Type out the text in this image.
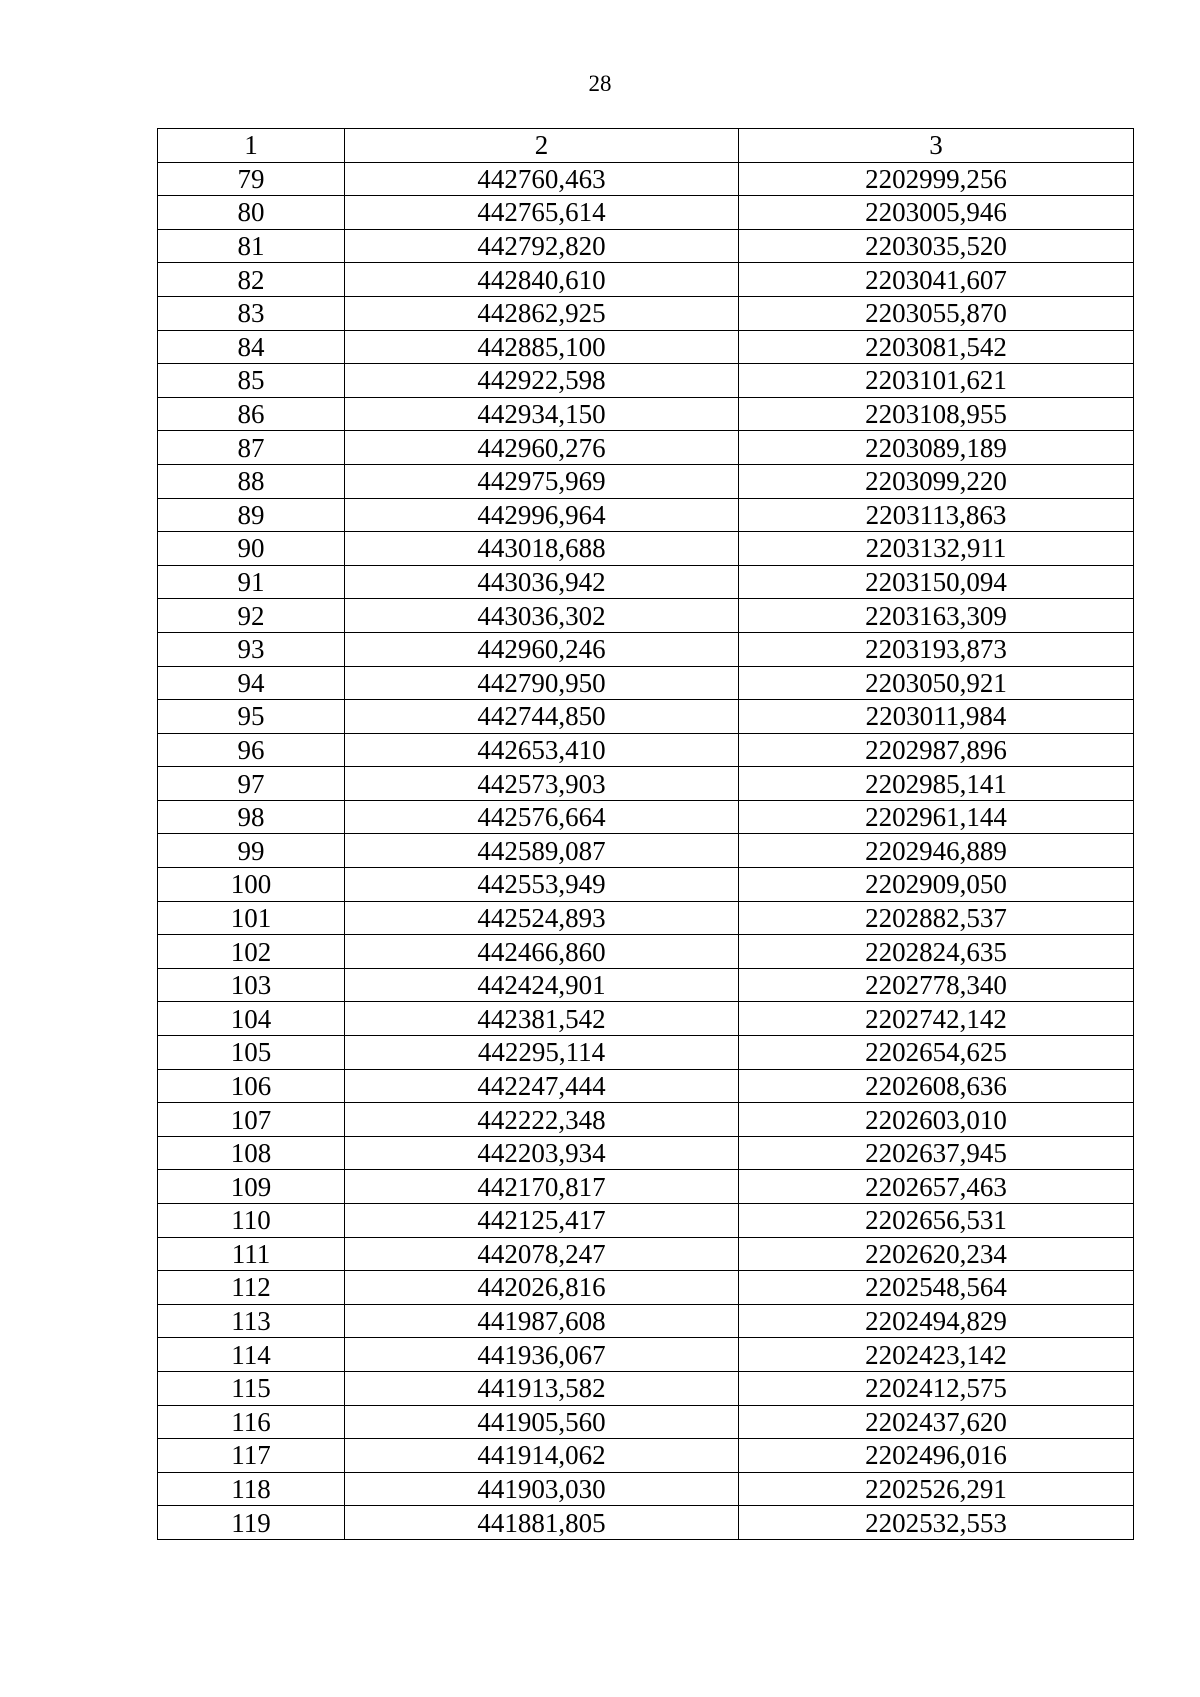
28
1	2	3
79	442760,463	2202999,256
80	442765,614	2203005,946
81	442792,820	2203035,520
82	442840,610	2203041,607
83	442862,925	2203055,870
84	442885,100	2203081,542
85	442922,598	2203101,621
86	442934,150	2203108,955
87	442960,276	2203089,189
88	442975,969	2203099,220
89	442996,964	2203113,863
90	443018,688	2203132,911
91	443036,942	2203150,094
92	443036,302	2203163,309
93	442960,246	2203193,873
94	442790,950	2203050,921
95	442744,850	2203011,984
96	442653,410	2202987,896
97	442573,903	2202985,141
98	442576,664	2202961,144
99	442589,087	2202946,889
100	442553,949	2202909,050
101	442524,893	2202882,537
102	442466,860	2202824,635
103	442424,901	2202778,340
104	442381,542	2202742,142
105	442295,114	2202654,625
106	442247,444	2202608,636
107	442222,348	2202603,010
108	442203,934	2202637,945
109	442170,817	2202657,463
110	442125,417	2202656,531
111	442078,247	2202620,234
112	442026,816	2202548,564
113	441987,608	2202494,829
114	441936,067	2202423,142
115	441913,582	2202412,575
116	441905,560	2202437,620
117	441914,062	2202496,016
118	441903,030	2202526,291
119	441881,805	2202532,553
